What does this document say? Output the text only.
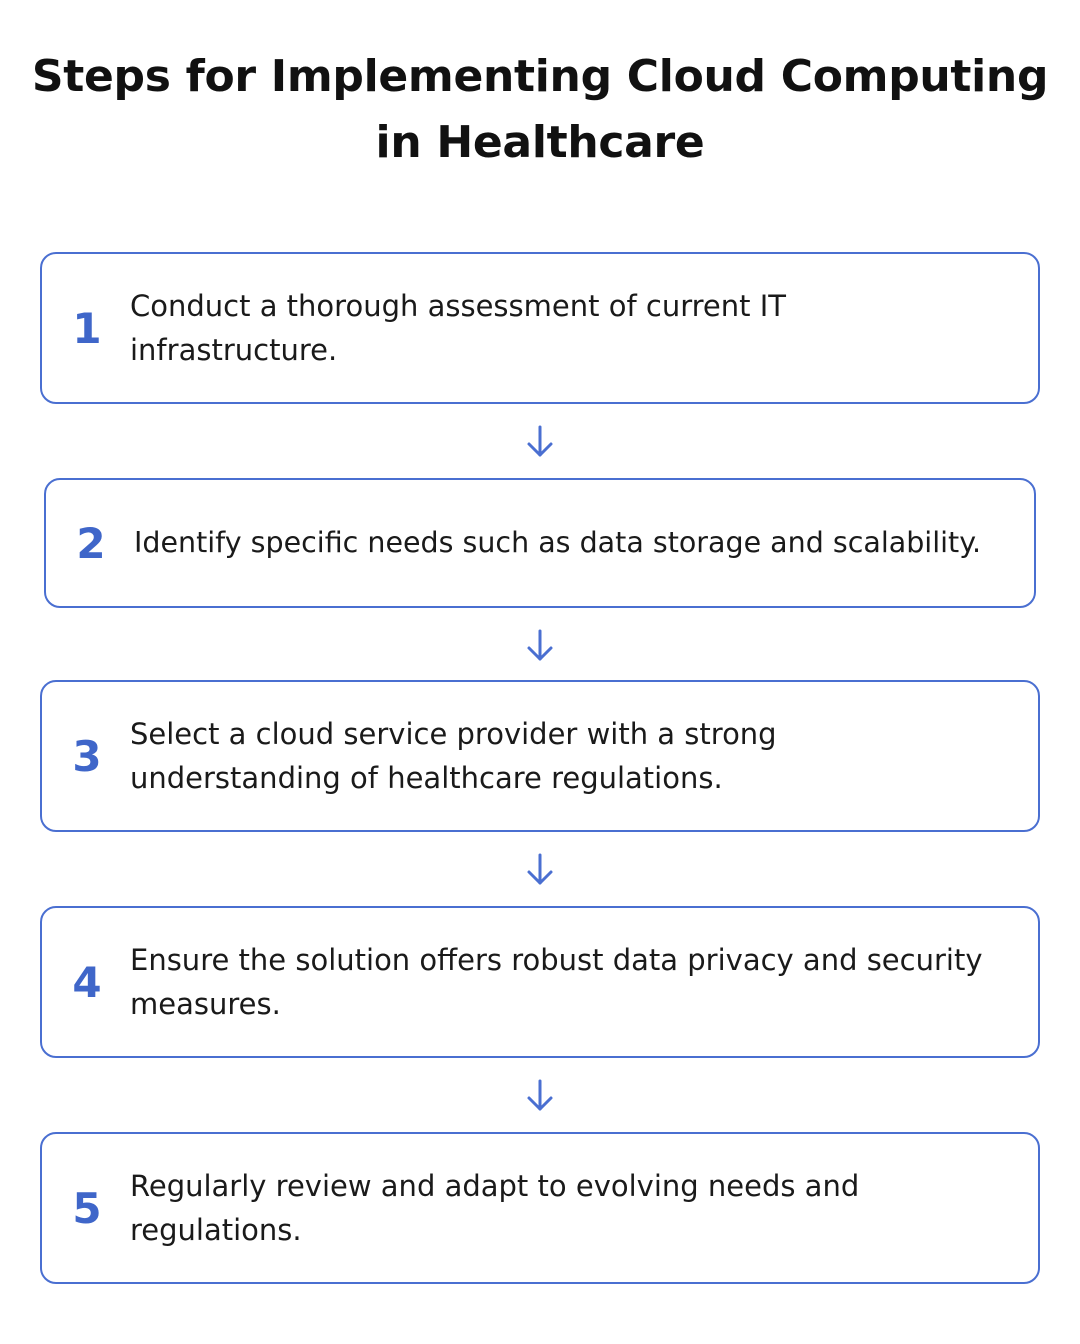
Steps for Implementing Cloud Computing
in Healthcare
1 Conduct a thorough assessment of current IT infrastructure.
2 Identify specific needs such as data storage and scalability.
3 Select a cloud service provider with a strong understanding of healthcare regulations.
4 Ensure the solution offers robust data privacy and security measures.
5 Regularly review and adapt to evolving needs and regulations.
